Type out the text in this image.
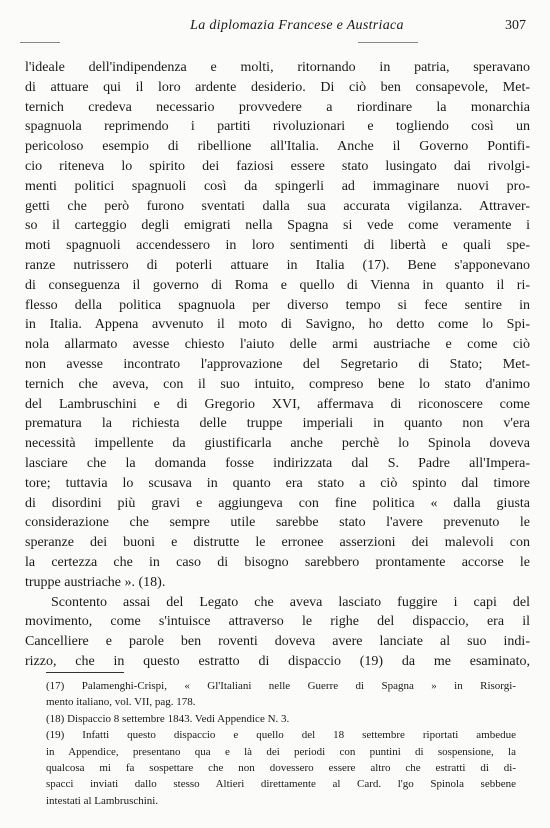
La diplomazia Francese e Austriaca	307
l'ideale dell'indipendenza e molti, ritornando in patria, speravano
di attuare qui il loro ardente desiderio. Di ciò ben consapevole, Met-
ternich credeva necessario provvedere a riordinare la monarchia
spagnuola reprimendo i partiti rivoluzionari e togliendo così un
pericoloso esempio di ribellione all'Italia. Anche il Governo Pontifi-
cio riteneva lo spirito dei faziosi essere stato lusingato dai rivolgi-
menti politici spagnuoli così da spingerli ad immaginare nuovi pro-
getti che però furono sventati dalla sua accurata vigilanza. Attraver-
so il carteggio degli emigrati nella Spagna si vede come veramente i
moti spagnuoli accendessero in loro sentimenti di libertà e quali spe-
ranze nutrissero di poterli attuare in Italia (17). Bene s'apponevano
di conseguenza il governo di Roma e quello di Vienna in quanto il ri-
flesso della politica spagnuola per diverso tempo si fece sentire in
in Italia. Appena avvenuto il moto di Savigno, ho detto come lo Spi-
nola allarmato avesse chiesto l'aiuto delle armi austriache e come ciò
non avesse incontrato l'approvazione del Segretario di Stato; Met-
ternich che aveva, con il suo intuito, compreso bene lo stato d'animo
del Lambruschini e di Gregorio XVI, affermava di riconoscere come
prematura la richiesta delle truppe imperiali in quanto non v'era
necessità impellente da giustificarla anche perchè lo Spinola doveva
lasciare che la domanda fosse indirizzata dal S. Padre all'Impera-
tore; tuttavia lo scusava in quanto era stato a ciò spinto dal timore
di disordini più gravi e aggiungeva con fine politica « dalla giusta
considerazione che sempre utile sarebbe stato l'avere prevenuto le
speranze dei buoni e distrutte le erronee asserzioni dei malevoli con
la certezza che in caso di bisogno sarebbero prontamente accorse le
truppe austriache ». (18).
Scontento assai del Legato che aveva lasciato fuggire i capi del
movimento, come s'intuisce attraverso le righe del dispaccio, era il
Cancelliere e parole ben roventi doveva avere lanciate al suo indi-
rizzo, che in questo estratto di dispaccio (19) da me esaminato,
(17) Palamenghi-Crispi, « Gl'Italiani nelle Guerre di Spagna » in Risorgi-
mento italiano, vol. VII, pag. 178.
(18) Dispaccio 8 settembre 1843. Vedi Appendice N. 3.
(19) Infatti questo dispaccio e quello del 18 settembre riportati ambedue
in Appendice, presentano qua e là dei periodi con puntini di sospensione, la
qualcosa mi fa sospettare che non dovessero essere altro che estratti di di-
spacci inviati dallo stesso Altieri direttamente al Card. l'go Spinola sebbene
intestati al Lambruschini.
